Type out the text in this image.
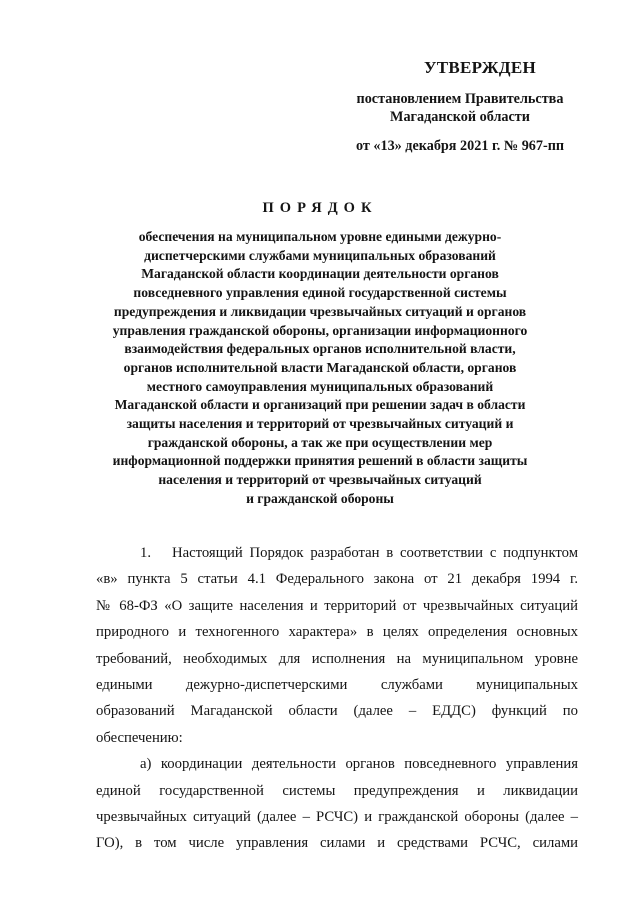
УТВЕРЖДЕН
постановлением Правительства
Магаданской области
от «13» декабря 2021 г. № 967-пп
ПОРЯДОК
обеспечения на муниципальном уровне едиными дежурно-
диспетчерскими службами муниципальных образований
Магаданской области координации деятельности органов
повседневного управления единой государственной системы
предупреждения и ликвидации чрезвычайных ситуаций и органов
управления гражданской обороны, организации информационного
взаимодействия федеральных органов исполнительной власти,
органов исполнительной власти Магаданской области, органов
местного самоуправления муниципальных образований
Магаданской области и организаций при решении задач в области
защиты населения и территорий от чрезвычайных ситуаций и
гражданской обороны, а так же при осуществлении мер
информационной поддержки принятия решений в области защиты
населения и территорий от чрезвычайных ситуаций
и гражданской обороны
1. Настоящий Порядок разработан в соответствии с подпунктом
«в» пункта 5 статьи 4.1 Федерального закона от 21 декабря 1994 г.
№ 68-ФЗ «О защите населения и территорий от чрезвычайных ситуаций
природного и техногенного характера» в целях определения основных
требований, необходимых для исполнения на муниципальном уровне
едиными дежурно-диспетчерскими службами муниципальных
образований Магаданской области (далее – ЕДДС) функций по
обеспечению:
а) координации деятельности органов повседневного управления
единой государственной системы предупреждения и ликвидации
чрезвычайных ситуаций (далее – РСЧС) и гражданской обороны (далее –
ГО), в том числе управления силами и средствами РСЧС, силами
